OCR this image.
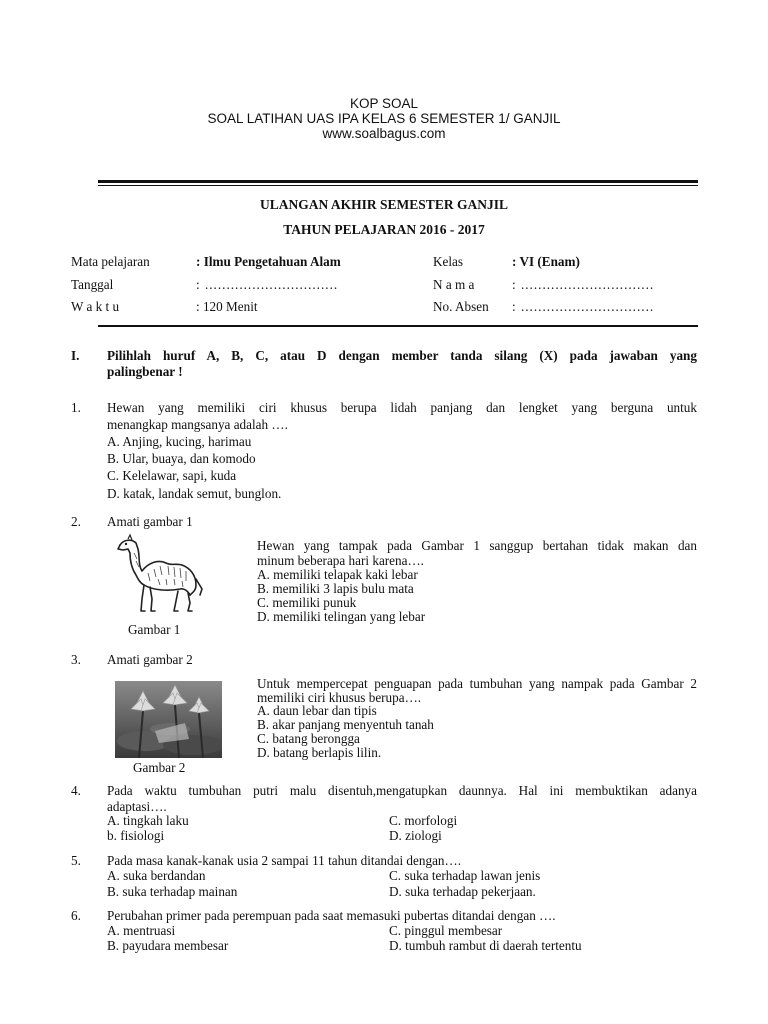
KOP SOAL
SOAL LATIHAN UAS IPA KELAS 6 SEMESTER 1/ GANJIL
www.soalbagus.com
ULANGAN AKHIR SEMESTER GANJIL
TAHUN PELAJARAN 2016 - 2017
Mata pelajaran	: Ilmu Pengetahuan Alam
Tanggal	: ...............................
W a k t u	: 120 Menit
Kelas	: VI (Enam)
N a m a	: ...............................
No. Absen : ...............................
I. Pilihlah huruf A, B, C, atau D dengan member tanda silang (X) pada jawaban yang
palingbenar !
1. Hewan yang memiliki ciri khusus berupa lidah panjang dan lengket yang berguna untuk
menangkap mangsanya adalah ….
A. Anjing, kucing, harimau
B. Ular, buaya, dan komodo
C. Kelelawar, sapi, kuda
D. katak, landak semut, bunglon.
2. Amati gambar 1
Gambar 1
Hewan yang tampak pada Gambar 1 sanggup bertahan tidak makan dan
minum beberapa hari karena….
A. memiliki telapak kaki lebar
B. memiliki 3 lapis bulu mata
C. memiliki punuk
D. memiliki telingan yang lebar
3. Amati gambar 2
Gambar 2
Untuk mempercepat penguapan pada tumbuhan yang nampak pada Gambar 2
memiliki ciri khusus berupa….
A. daun lebar dan tipis
B. akar panjang menyentuh tanah
C. batang berongga
D. batang berlapis lilin.
4. Pada waktu tumbuhan putri malu disentuh,mengatupkan daunnya. Hal ini membuktikan adanya
adaptasi….
A. tingkah laku
b. fisiologi
C. morfologi
D. ziologi
5. Pada masa kanak-kanak usia 2 sampai 11 tahun ditandai dengan….
A. suka berdandan
B. suka terhadap mainan
C. suka terhadap lawan jenis
D. suka terhadap pekerjaan.
6. Perubahan primer pada perempuan pada saat memasuki pubertas ditandai dengan ….
A. mentruasi
B. payudara membesar
C. pinggul membesar
D. tumbuh rambut di daerah tertentu
